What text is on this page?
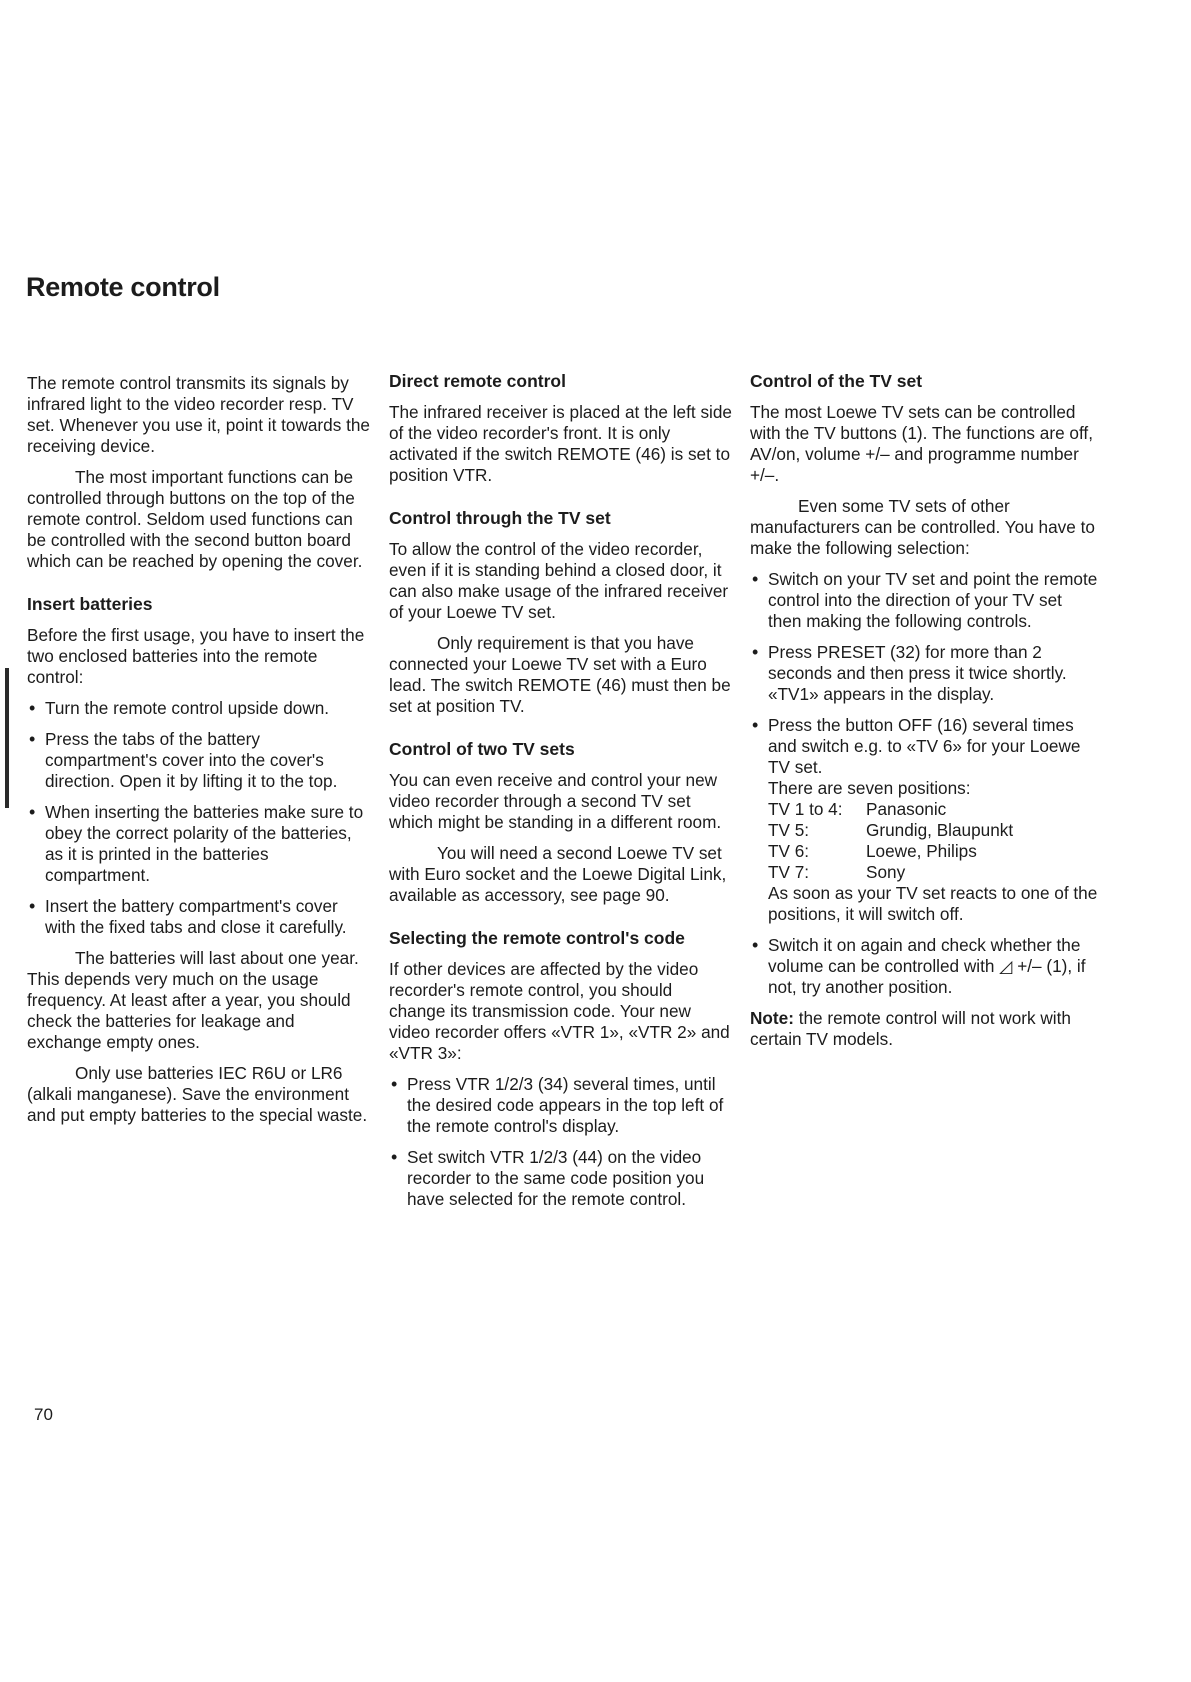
Remote control

The remote control transmits its signals by infrared light to the video recorder resp. TV set. Whenever you use it, point it towards the receiving device.

The most important functions can be controlled through buttons on the top of the remote control. Seldom used functions can be controlled with the second button board which can be reached by opening the cover.

Insert batteries

Before the first usage, you have to insert the two enclosed batteries into the remote control:

• Turn the remote control upside down.
• Press the tabs of the battery compartment's cover into the cover's direction. Open it by lifting it to the top.
• When inserting the batteries make sure to obey the correct polarity of the batteries, as it is printed in the batteries compartment.
• Insert the battery compartment's cover with the fixed tabs and close it carefully.

The batteries will last about one year. This depends very much on the usage frequency. At least after a year, you should check the batteries for leakage and exchange empty ones.

Only use batteries IEC R6U or LR6 (alkali manganese). Save the environment and put empty batteries to the special waste.

Direct remote control

The infrared receiver is placed at the left side of the video recorder's front. It is only activated if the switch REMOTE (46) is set to position VTR.

Control through the TV set

To allow the control of the video recorder, even if it is standing behind a closed door, it can also make usage of the infrared receiver of your Loewe TV set.

Only requirement is that you have connected your Loewe TV set with a Euro lead. The switch REMOTE (46) must then be set at position TV.

Control of two TV sets

You can even receive and control your new video recorder through a second TV set which might be standing in a different room.

You will need a second Loewe TV set with Euro socket and the Loewe Digital Link, available as accessory, see page 90.

Selecting the remote control's code

If other devices are affected by the video recorder's remote control, you should change its transmission code. Your new video recorder offers «VTR 1», «VTR 2» and «VTR 3»:

• Press VTR 1/2/3 (34) several times, until the desired code appears in the top left of the remote control's display.
• Set switch VTR 1/2/3 (44) on the video recorder to the same code position you have selected for the remote control.
Control of the TV set

The most Loewe TV sets can be controlled with the TV buttons (1). The functions are off, AV/on, volume +/– and programme number +/–.

Even some TV sets of other manufacturers can be controlled. You have to make the following selection:

• Switch on your TV set and point the remote control into the direction of your TV set then making the following controls.
• Press PRESET (32) for more than 2 seconds and then press it twice shortly. «TV1» appears in the display.
• Press the button OFF (16) several times and switch e.g. to «TV 6» for your Loewe TV set.
There are seven positions:
TV 1 to 4:	Panasonic
TV 5:	Grundig, Blaupunkt
TV 6:	Loewe, Philips
TV 7:	Sony
As soon as your TV set reacts to one of the positions, it will switch off.
• Switch it on again and check whether the volume can be controlled with ◿ +/– (1), if not, try another position.

Note: the remote control will not work with certain TV models.

70
